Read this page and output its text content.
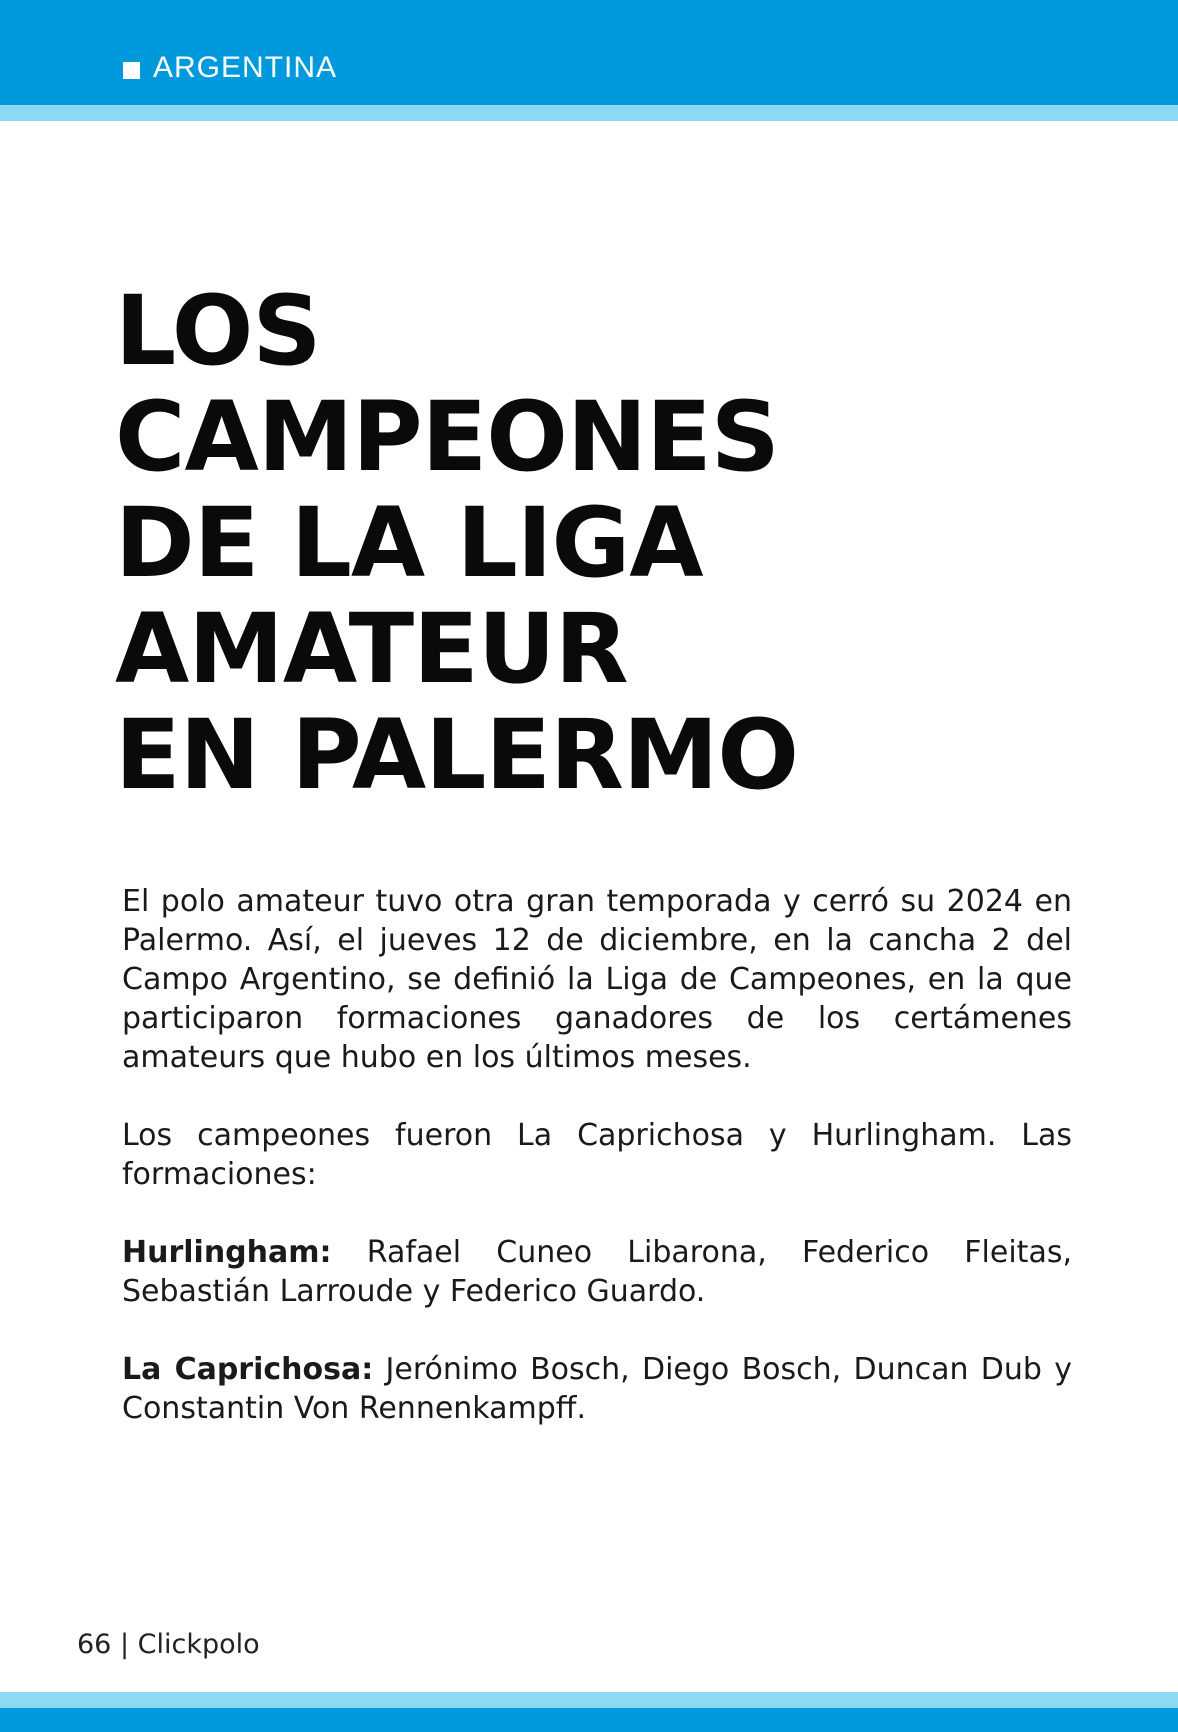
ARGENTINA
LOS
CAMPEONES
DE LA LIGA
AMATEUR
EN PALERMO

El polo amateur tuvo otra gran temporada y cerró su 2024 en Palermo. Así, el jueves 12 de diciembre, en la cancha 2 del Campo Argentino, se definió la Liga de Campeones, en la que participaron formaciones ganadores de los certámenes amateurs que hubo en los últimos meses.

Los campeones fueron La Caprichosa y Hurlingham. Las formaciones:

Hurlingham: Rafael Cuneo Libarona, Federico Fleitas, Sebastián Larroude y Federico Guardo.

La Caprichosa: Jerónimo Bosch, Diego Bosch, Duncan Dub y Constantin Von Rennenkampff.

66 | Clickpolo
